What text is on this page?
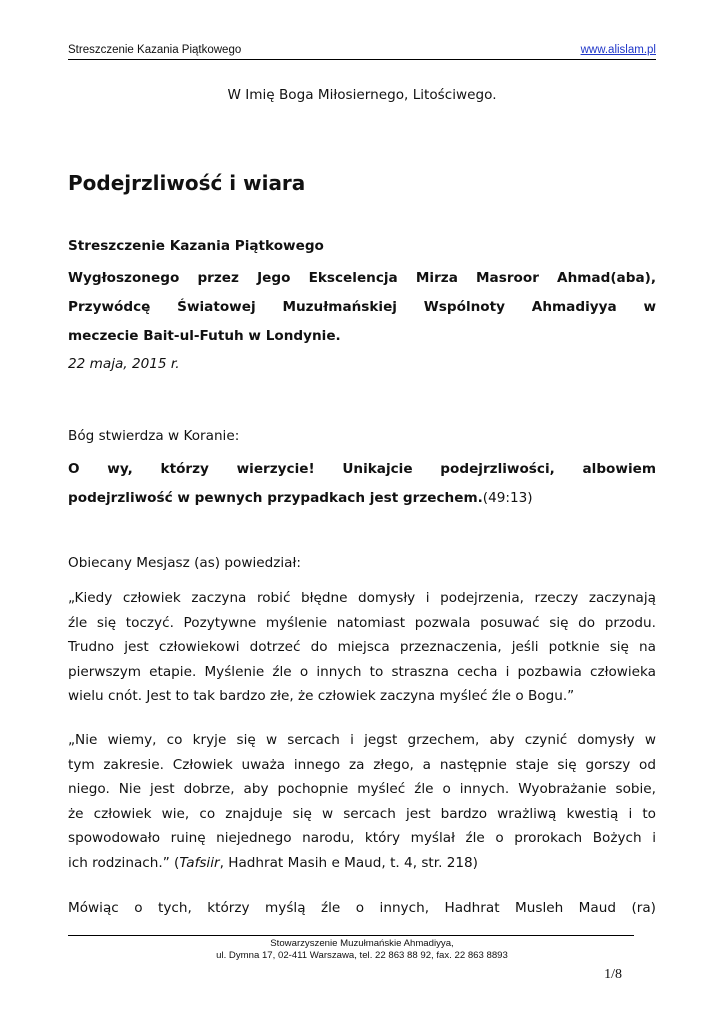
Streszczenie Kazania Piątkowego	www.alislam.pl
W Imię Boga Miłosiernego, Litościwego.
Podejrzliwość i wiara
Streszczenie Kazania Piątkowego
Wygłoszonego przez Jego Ekscelencja Mirza Masroor Ahmad(aba),
Przywódcę Światowej Muzułmańskiej Wspólnoty Ahmadiyya w
meczecie Bait-ul-Futuh w Londynie.
22 maja, 2015 r.
Bóg stwierdza w Koranie:
O wy, którzy wierzycie! Unikajcie podejrzliwości, albowiem
podejrzliwość w pewnych przypadkach jest grzechem.(49:13)
Obiecany Mesjasz (as) powiedział:
„Kiedy człowiek zaczyna robić błędne domysły i podejrzenia, rzeczy zaczynają
źle się toczyć. Pozytywne myślenie natomiast pozwala posuwać się do przodu.
Trudno jest człowiekowi dotrzeć do miejsca przeznaczenia, jeśli potknie się na
pierwszym etapie. Myślenie źle o innych to straszna cecha i pozbawia człowieka
wielu cnót. Jest to tak bardzo złe, że człowiek zaczyna myśleć źle o Bogu.”
„Nie wiemy, co kryje się w sercach i jegst grzechem, aby czynić domysły w
tym zakresie. Człowiek uważa innego za złego, a następnie staje się gorszy od
niego. Nie jest dobrze, aby pochopnie myśleć źle o innych. Wyobrażanie sobie,
że człowiek wie, co znajduje się w sercach jest bardzo wrażliwą kwestią i to
spowodowało ruinę niejednego narodu, który myślał źle o prorokach Bożych i
ich rodzinach.” (Tafsiir, Hadhrat Masih e Maud, t. 4, str. 218)
Mówiąc o tych, którzy myślą źle o innych, Hadhrat Musleh Maud (ra)
Stowarzyszenie Muzułmańskie Ahmadiyya,
ul. Dymna 17, 02-411 Warszawa, tel. 22 863 88 92, fax. 22 863 8893
1/8
